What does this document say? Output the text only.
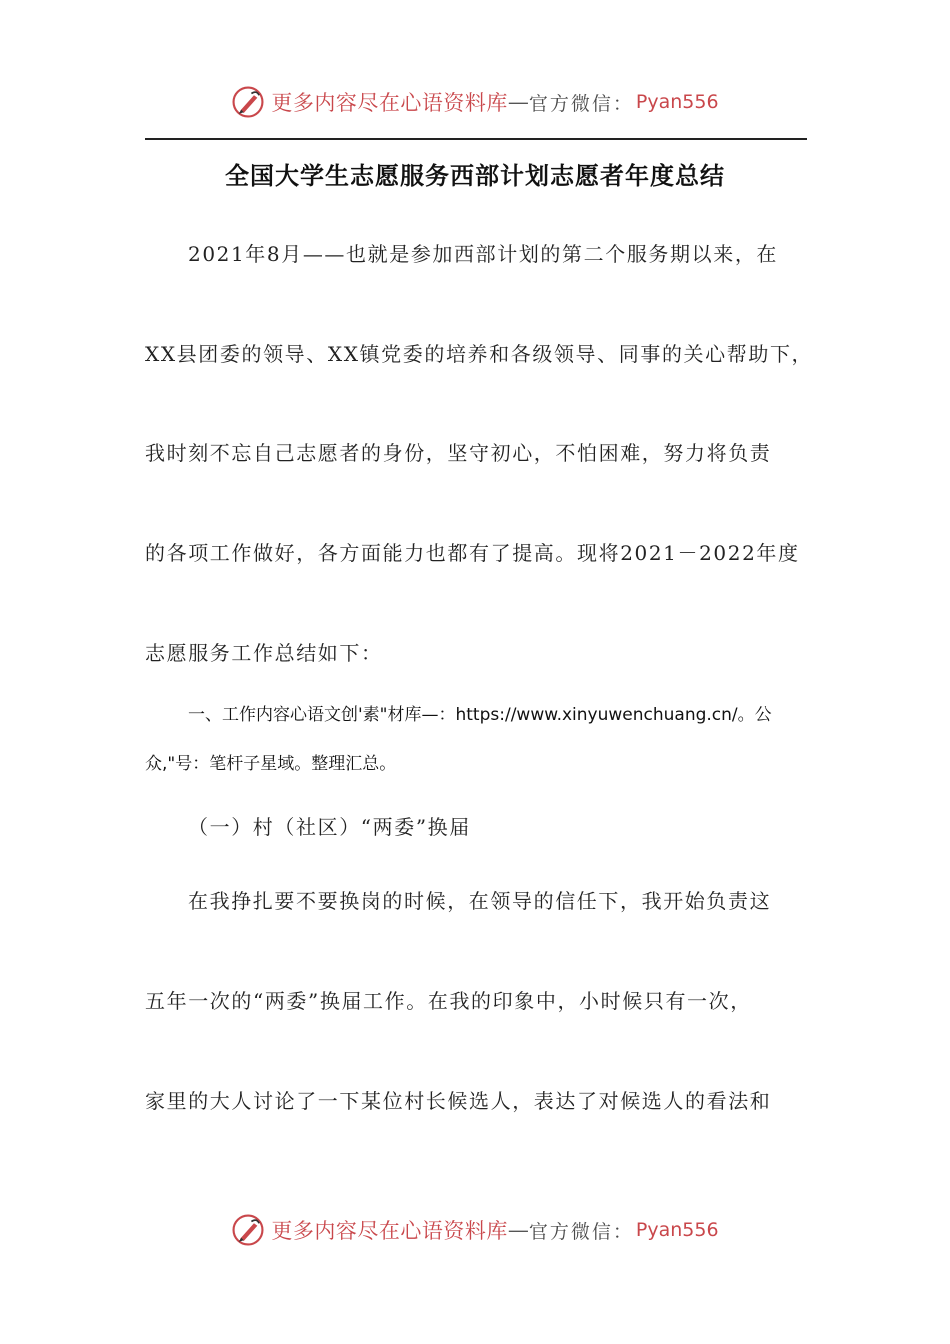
更多内容尽在心语资料库 — 官方微信： Pyan556
全国大学生志愿服务西部计划志愿者年度总结
2021年8月——也就是参加西部计划的第二个服务期以来，在
XX县团委的领导、XX镇党委的培养和各级领导、同事的关心帮助下，
我时刻不忘自己志愿者的身份，坚守初心，不怕困难，努力将负责
的各项工作做好，各方面能力也都有了提高。现将2021－2022年度
志愿服务工作总结如下：
一、工作内容心语文创'素"材库—：https://www.xinyuwenchuang.cn/。公
众,"号：笔杆子星域。整理汇总。
（一）村（社区）“两委”换届
在我挣扎要不要换岗的时候，在领导的信任下，我开始负责这
五年一次的“两委”换届工作。在我的印象中，小时候只有一次，
家里的大人讨论了一下某位村长候选人，表达了对候选人的看法和
更多内容尽在心语资料库 — 官方微信： Pyan556
